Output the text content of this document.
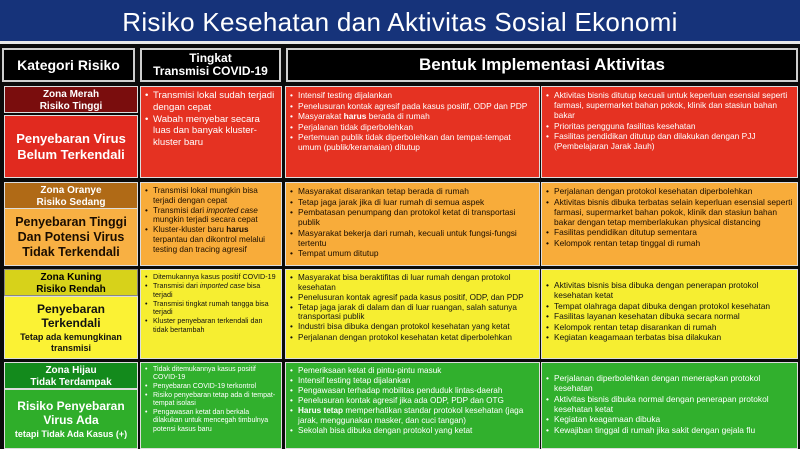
Risiko Kesehatan dan Aktivitas Sosial Ekonomi
Kategori Risiko	Tingkat
Transmisi COVID-19	Bentuk Implementasi Aktivitas
Zona Merah
Risiko Tinggi
Penyebaran Virus
Belum Terkendali
• Transmisi lokal sudah terjadi dengan cepat
• Wabah menyebar secara luas dan banyak kluster-kluster baru
• Intensif testing dijalankan
• Penelusuran kontak agresif pada kasus positif, ODP dan PDP
• Masyarakat harus berada di rumah
• Perjalanan tidak diperbolehkan
• Pertemuan publik tidak diperbolehkan dan tempat-tempat umum (publik/keramaian) ditutup
• Aktivitas bisnis ditutup kecuali untuk keperluan esensial seperti farmasi, supermarket bahan pokok, klinik dan stasiun bahan bakar
• Prioritas pengguna fasilitas kesehatan
• Fasilitas pendidikan ditutup dan dilakukan dengan PJJ (Pembelajaran Jarak Jauh)
Zona Oranye
Risiko Sedang
Penyebaran Tinggi
Dan Potensi Virus
Tidak Terkendali
• Transmisi lokal mungkin bisa terjadi dengan cepat
• Transmisi dari imported case mungkin terjadi secara cepat
• Kluster-kluster baru harus terpantau dan dikontrol melalui testing dan tracing agresif
• Masyarakat disarankan tetap berada di rumah
• Tetap jaga jarak jika di luar rumah di semua aspek
• Pembatasan penumpang dan protokol ketat di transportasi publik
• Masyarakat bekerja dari rumah, kecuali untuk fungsi-fungsi tertentu
• Tempat umum ditutup
• Perjalanan dengan protokol kesehatan diperbolehkan
• Aktivitas bisnis dibuka terbatas selain keperluan esensial seperti farmasi, supermarket bahan pokok, klinik dan stasiun bahan bakar dengan tetap memberlakukan physical distancing
• Fasilitas pendidikan ditutup sementara
• Kelompok rentan tetap tinggal di rumah
Zona Kuning
Risiko Rendah
Penyebaran
Terkendali
Tetap ada kemungkinan
transmisi
• Ditemukannya kasus positif COVID-19
• Transmisi dari imported case bisa terjadi
• Transmisi tingkat rumah tangga bisa terjadi
• Kluster penyebaran terkendali dan tidak bertambah
• Masyarakat bisa beraktifitas di luar rumah dengan protokol kesehatan
• Penelusuran kontak agresif pada kasus positif, ODP, dan PDP
• Tetap jaga jarak di dalam dan di luar ruangan, salah satunya transportasi publik
• Industri bisa dibuka dengan protokol kesehatan yang ketat
• Perjalanan dengan protokol kesehatan ketat diperbolehkan
• Aktivitas bisnis bisa dibuka dengan penerapan protokol kesehatan ketat
• Tempat olahraga dapat dibuka dengan protokol kesehatan
• Fasilitas layanan kesehatan dibuka secara normal
• Kelompok rentan tetap disarankan di rumah
• Kegiatan keagamaan terbatas bisa dilakukan
Zona Hijau
Tidak Terdampak
Risiko Penyebaran
Virus Ada
tetapi Tidak Ada Kasus (+)
• Tidak ditemukannya kasus positif COVID-19
• Penyebaran COVID-19 terkontrol
• Risiko penyebaran tetap ada di tempat-tempat isolasi
• Pengawasan ketat dan berkala dilakukan untuk mencegah timbulnya potensi kasus baru
• Pemeriksaan ketat di pintu-pintu masuk
• Intensif testing tetap dijalankan
• Pengawasan terhadap mobilitas penduduk lintas-daerah
• Penelusuran kontak agresif jika ada ODP, PDP dan OTG
• Harus tetap memperhatikan standar protokol kesehatan (jaga jarak, menggunakan masker, dan cuci tangan)
• Sekolah bisa dibuka dengan protokol yang ketat
• Perjalanan diperbolehkan dengan menerapkan protokol kesehatan
• Aktivitas bisnis dibuka normal dengan penerapan protokol kesehatan ketat
• Kegiatan keagamaan dibuka
• Kewajiban tinggal di rumah jika sakit dengan gejala flu
